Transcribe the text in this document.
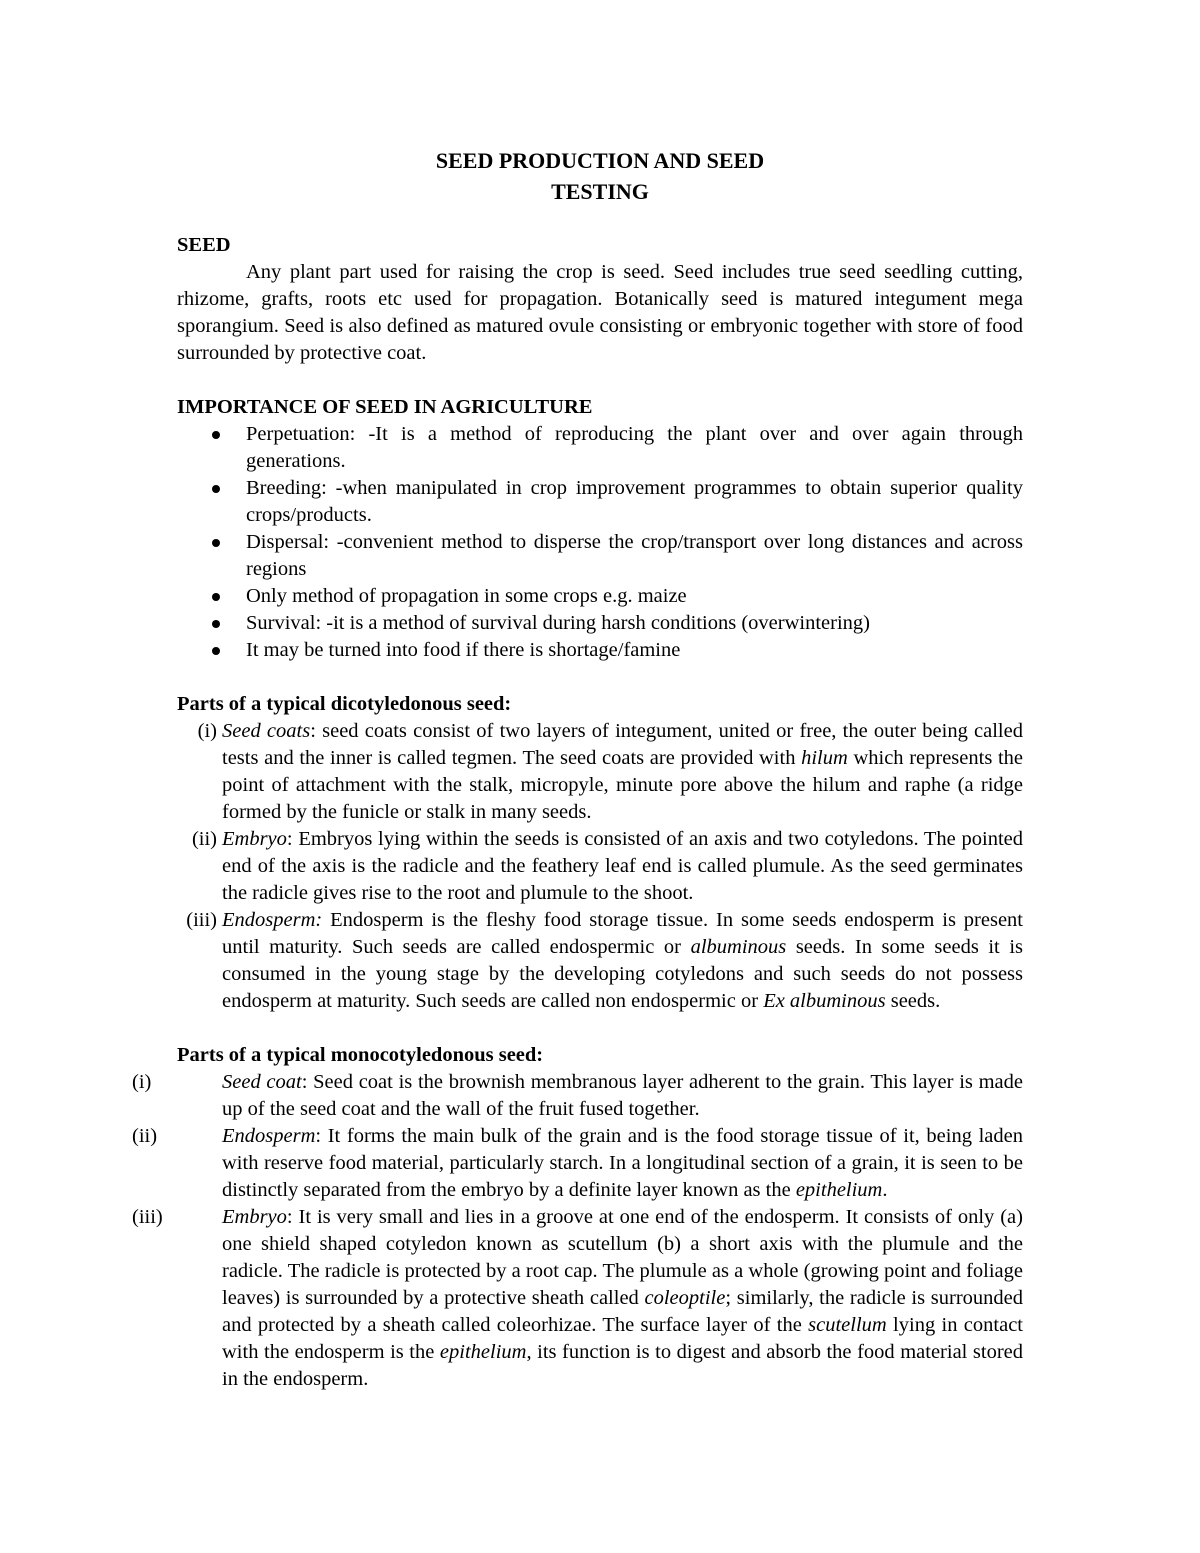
SEED PRODUCTION AND SEED
TESTING
SEED
Any plant part used for raising the crop is seed. Seed includes true seed seedling cutting, rhizome, grafts, roots etc used for propagation. Botanically seed is matured integument mega sporangium. Seed is also defined as matured ovule consisting or embryonic together with store of food surrounded by protective coat.
IMPORTANCE OF SEED IN AGRICULTURE
Perpetuation: -It is a method of reproducing the plant over and over again through generations.
Breeding: -when manipulated in crop improvement programmes to obtain superior quality crops/products.
Dispersal: -convenient method to disperse the crop/transport over long distances and across regions
Only method of propagation in some crops e.g. maize
Survival: -it is a method of survival during harsh conditions (overwintering)
It may be turned into food if there is shortage/famine
Parts of a typical dicotyledonous seed:
(i) Seed coats: seed coats consist of two layers of integument, united or free, the outer being called tests and the inner is called tegmen. The seed coats are provided with hilum which represents the point of attachment with the stalk, micropyle, minute pore above the hilum and raphe (a ridge formed by the funicle or stalk in many seeds.
(ii) Embryo: Embryos lying within the seeds is consisted of an axis and two cotyledons. The pointed end of the axis is the radicle and the feathery leaf end is called plumule. As the seed germinates the radicle gives rise to the root and plumule to the shoot.
(iii) Endosperm: Endosperm is the fleshy food storage tissue. In some seeds endosperm is present until maturity. Such seeds are called endospermic or albuminous seeds. In some seeds it is consumed in the young stage by the developing cotyledons and such seeds do not possess endosperm at maturity. Such seeds are called non endospermic or Ex albuminous seeds.
Parts of a typical monocotyledonous seed:
(i)	Seed coat: Seed coat is the brownish membranous layer adherent to the grain. This layer is made up of the seed coat and the wall of the fruit fused together.
(ii)	Endosperm: It forms the main bulk of the grain and is the food storage tissue of it, being laden with reserve food material, particularly starch. In a longitudinal section of a grain, it is seen to be distinctly separated from the embryo by a definite layer known as the epithelium.
(iii)	Embryo: It is very small and lies in a groove at one end of the endosperm. It consists of only (a) one shield shaped cotyledon known as scutellum (b) a short axis with the plumule and the radicle. The radicle is protected by a root cap. The plumule as a whole (growing point and foliage leaves) is surrounded by a protective sheath called coleoptile; similarly, the radicle is surrounded and protected by a sheath called coleorhizae. The surface layer of the scutellum lying in contact with the endosperm is the epithelium, its function is to digest and absorb the food material stored in the endosperm.
